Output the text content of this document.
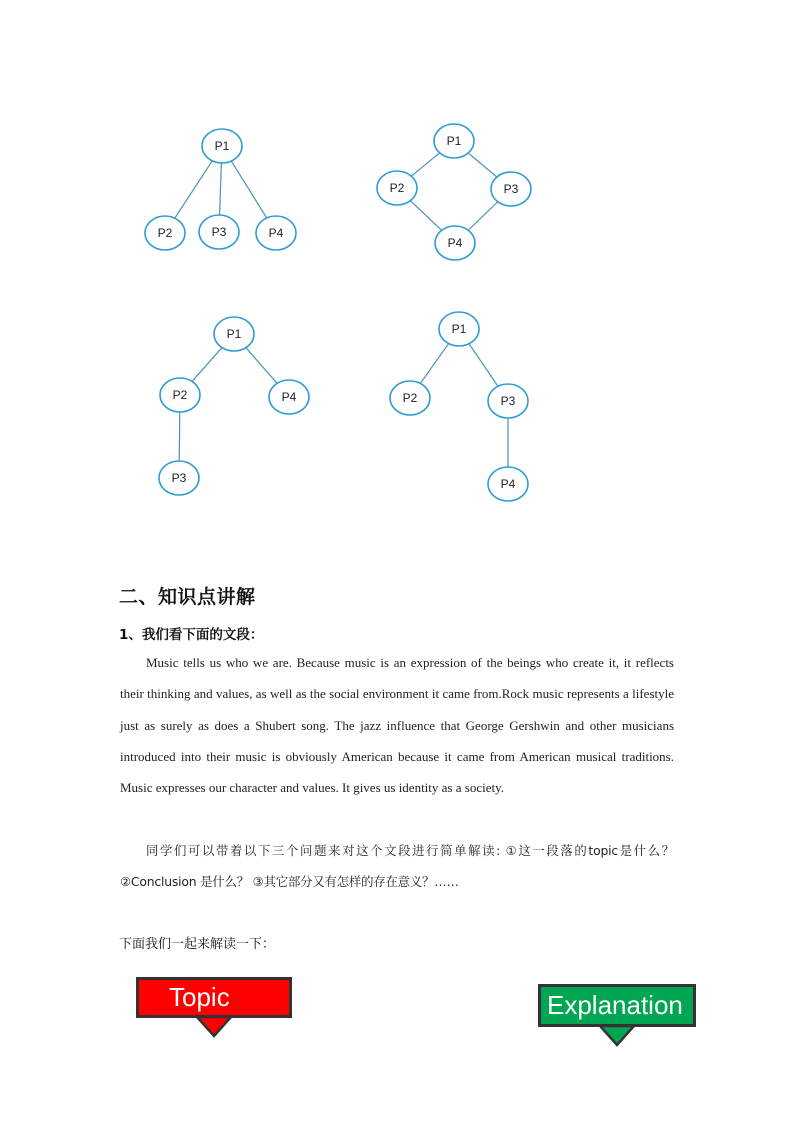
P1
P2	P3	P4
P1
P2	P3
P4
P1
P2	P4
P3
P1
P2	P3
P4
二、知识点讲解
1、我们看下面的文段：

Music tells us who we are. Because music is an expression of the beings who create it, it reflects their thinking and values, as well as the social environment it came from.Rock music represents a lifestyle just as surely as does a Shubert song. The jazz influence that George Gershwin and other musicians introduced into their music is obviously American because it came from American musical traditions. Music expresses our character and values. It gives us identity as a society.

同学们可以带着以下三个问题来对这个文段进行简单解读: ①这一段落的topic是什么？②Conclusion 是什么？ ③其它部分又有怎样的存在意义？……

下面我们一起来解读一下：

Topic	Explanation
